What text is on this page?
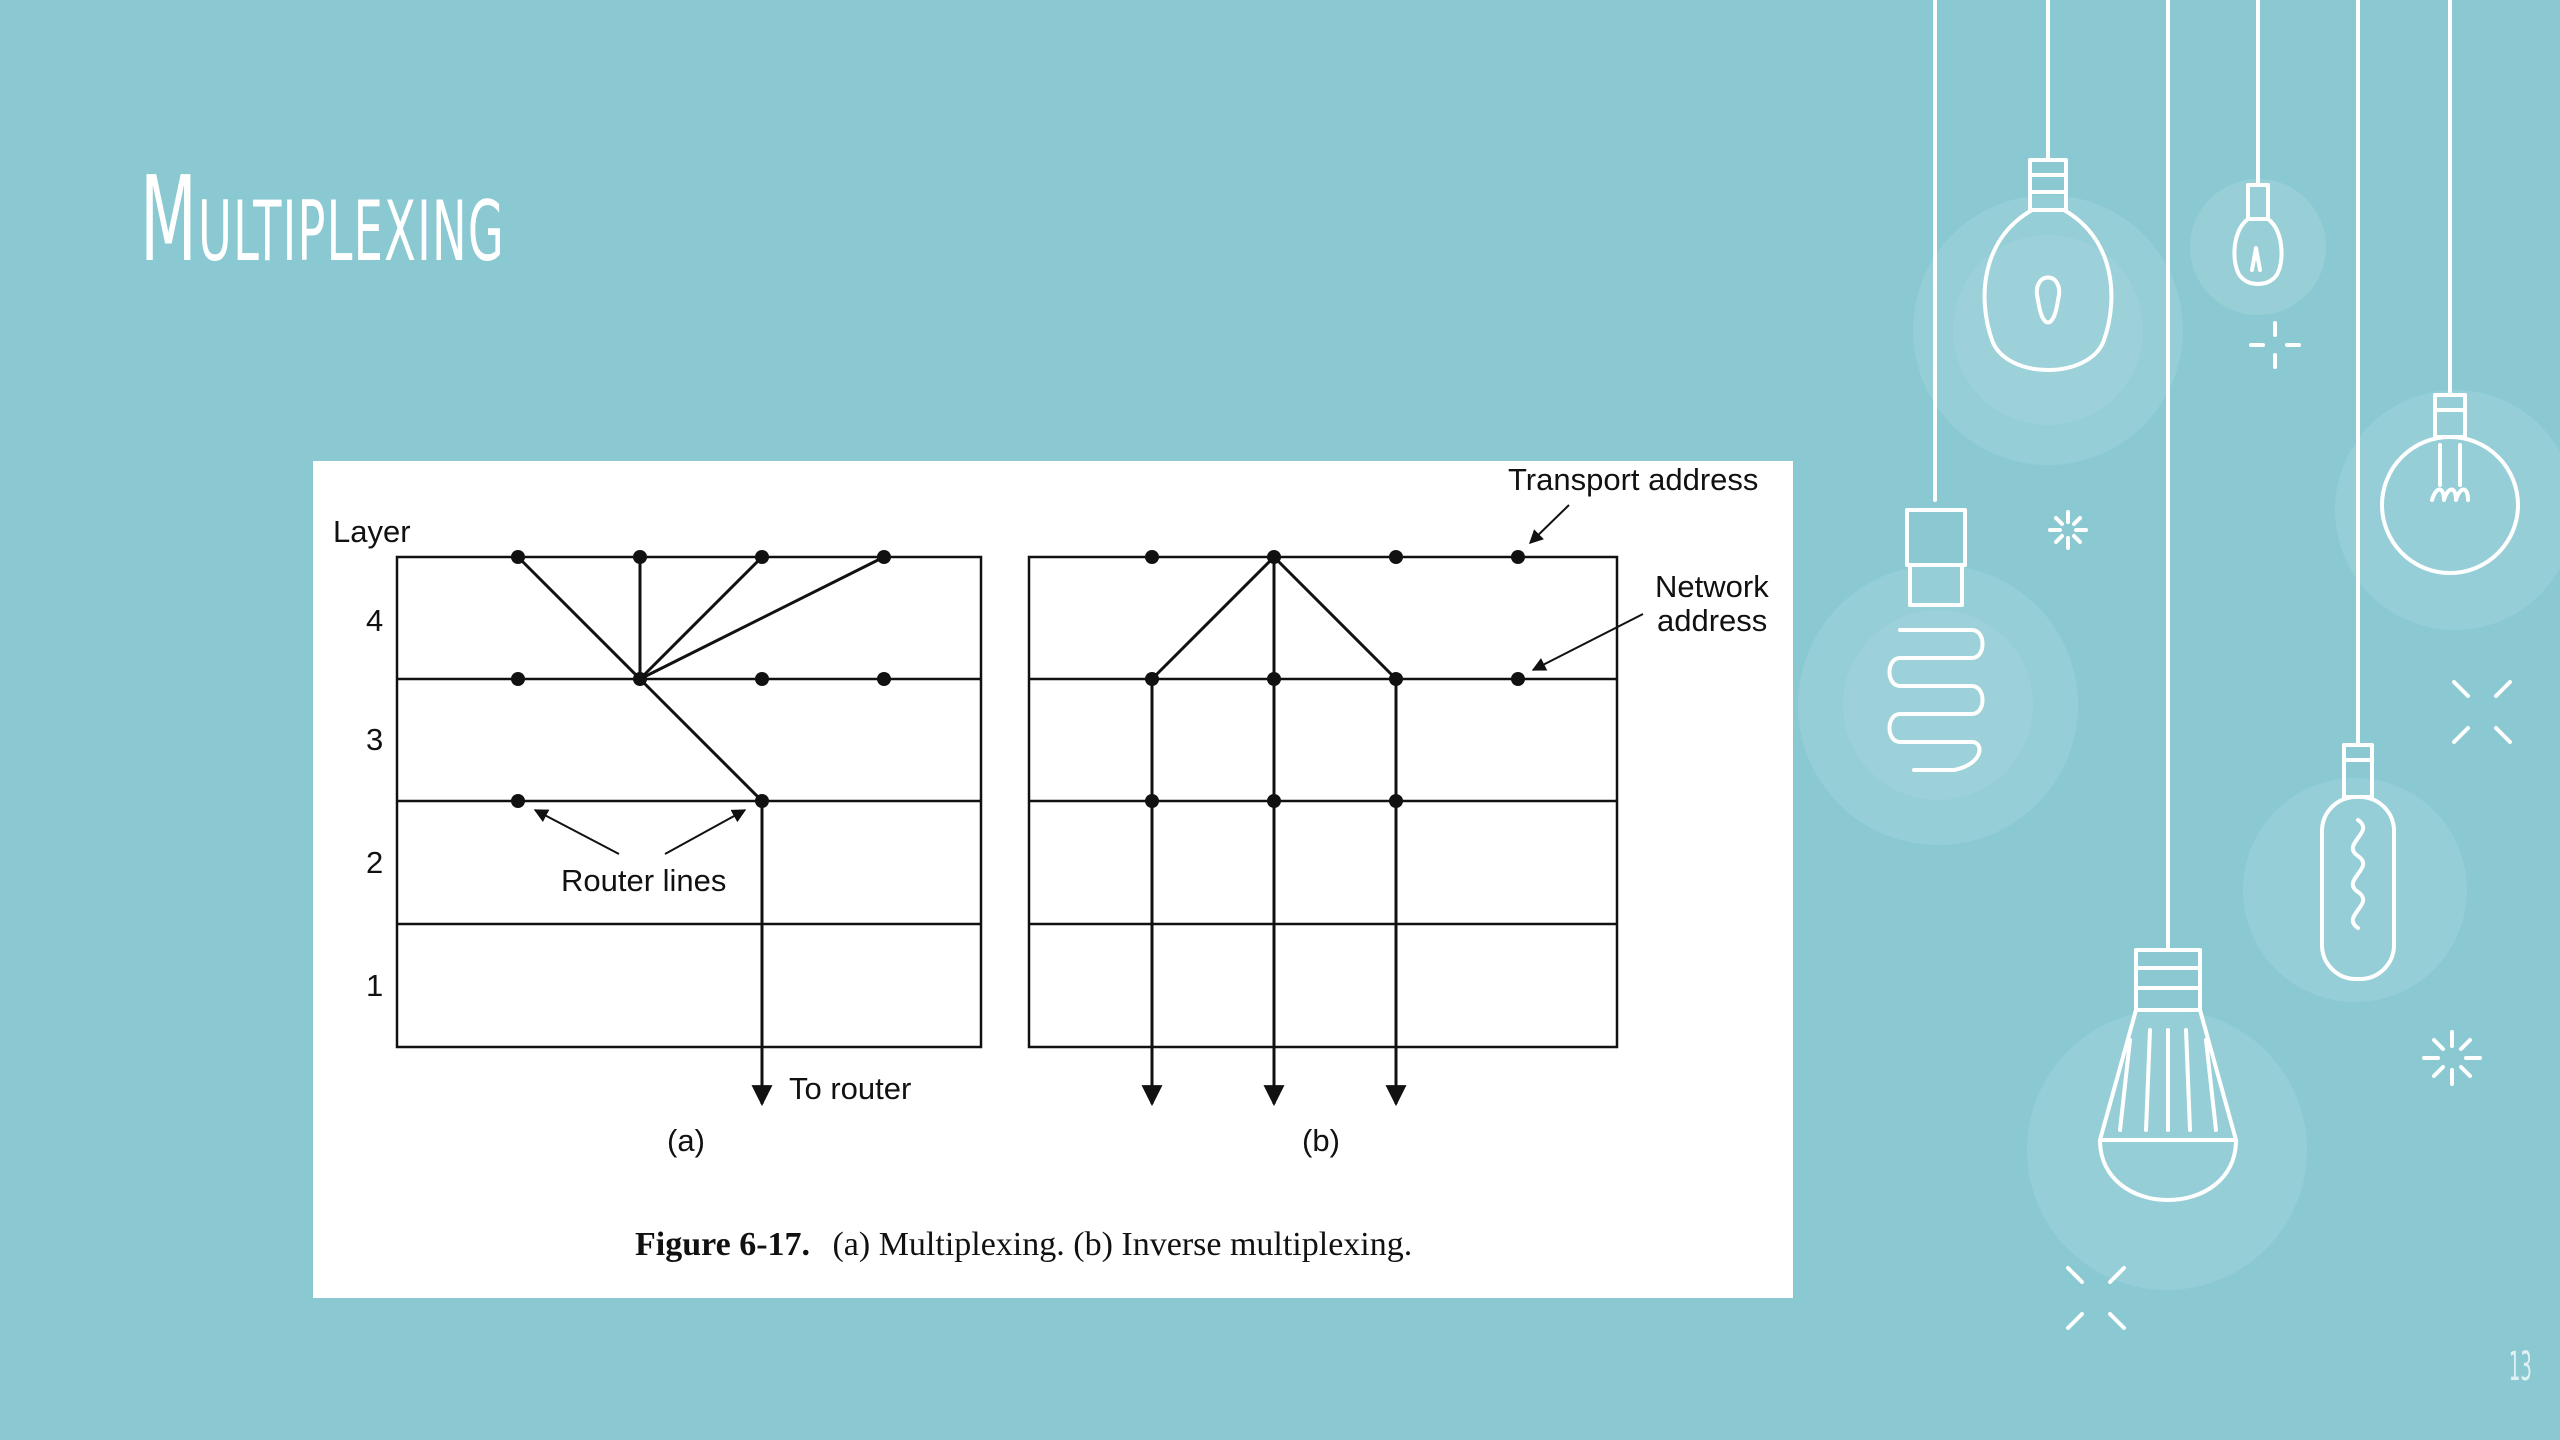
Multiplexing
Layer
4
3
2
1
Router lines
To router
(a)
Transport address
Network
address
(b)
Figure 6-17. (a) Multiplexing. (b) Inverse multiplexing.
13
